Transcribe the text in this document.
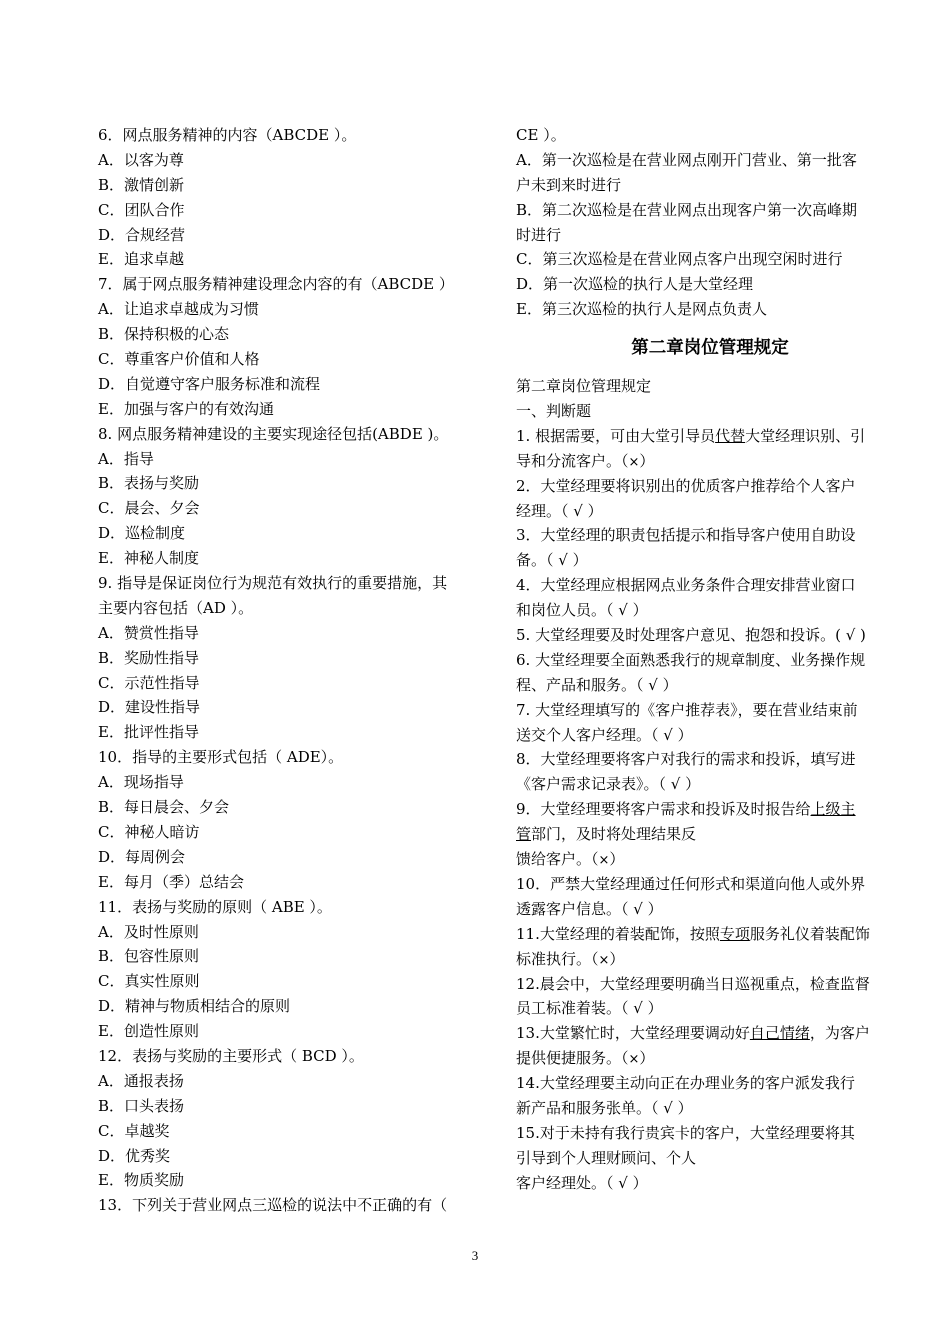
6．网点服务精神的内容（ABCDE ）。
A．以客为尊
B．激情创新
C．团队合作
D．合规经营
E．追求卓越
7．属于网点服务精神建设理念内容的有（ABCDE ）
A．让追求卓越成为习惯
B．保持积极的心态
C．尊重客户价值和人格
D．自觉遵守客户服务标准和流程
E．加强与客户的有效沟通
8. 网点服务精神建设的主要实现途径包括(ABDE )。
A．指导
B．表扬与奖励
C．晨会、夕会
D．巡检制度
E．神秘人制度
9. 指导是保证岗位行为规范有效执行的重要措施，其
主要内容包括（AD ）。
A．赞赏性指导
B．奖励性指导
C．示范性指导
D．建设性指导
E．批评性指导
10．指导的主要形式包括（ ADE）。
A．现场指导
B．每日晨会、夕会
C．神秘人暗访
D．每周例会
E．每月（季）总结会
11．表扬与奖励的原则（ ABE ）。
A．及时性原则
B．包容性原则
C．真实性原则
D．精神与物质相结合的原则
E．创造性原则
12．表扬与奖励的主要形式（ BCD ）。
A．通报表扬
B．口头表扬
C．卓越奖
D．优秀奖
E．物质奖励
13．下列关于营业网点三巡检的说法中不正确的有（
CE ）。
A．第一次巡检是在营业网点刚开门营业、第一批客
户未到来时进行
B．第二次巡检是在营业网点出现客户第一次高峰期
时进行
C．第三次巡检是在营业网点客户出现空闲时进行
D．第一次巡检的执行人是大堂经理
E．第三次巡检的执行人是网点负责人
第二章岗位管理规定
第二章岗位管理规定
一、判断题
1. 根据需要，可由大堂引导员代替大堂经理识别、引
导和分流客户。（×）
2．大堂经理要将识别出的优质客户推荐给个人客户
经理。（ √ ）
3．大堂经理的职责包括提示和指导客户使用自助设
备。（ √ ）
4．大堂经理应根据网点业务条件合理安排营业窗口
和岗位人员。（ √ ）
5. 大堂经理要及时处理客户意见、抱怨和投诉。( √ )
6. 大堂经理要全面熟悉我行的规章制度、业务操作规
程、产品和服务。（ √ ）
7. 大堂经理填写的《客户推荐表》，要在营业结束前
送交个人客户经理。（ √ ）
8．大堂经理要将客户对我行的需求和投诉，填写进
《客户需求记录表》。（ √ ）
9．大堂经理要将客户需求和投诉及时报告给上级主
管部门，及时将处理结果反
馈给客户。（×）
10．严禁大堂经理通过任何形式和渠道向他人或外界
透露客户信息。（ √ ）
11.大堂经理的着装配饰，按照专项服务礼仪着装配饰
标准执行。（×）
12.晨会中，大堂经理要明确当日巡视重点，检查监督
员工标准着装。（ √ ）
13.大堂繁忙时，大堂经理要调动好自己情绪，为客户
提供便捷服务。（×）
14.大堂经理要主动向正在办理业务的客户派发我行
新产品和服务张单。（ √ ）
15.对于未持有我行贵宾卡的客户，大堂经理要将其
引导到个人理财顾问、个人
客户经理处。（ √ ）
3
